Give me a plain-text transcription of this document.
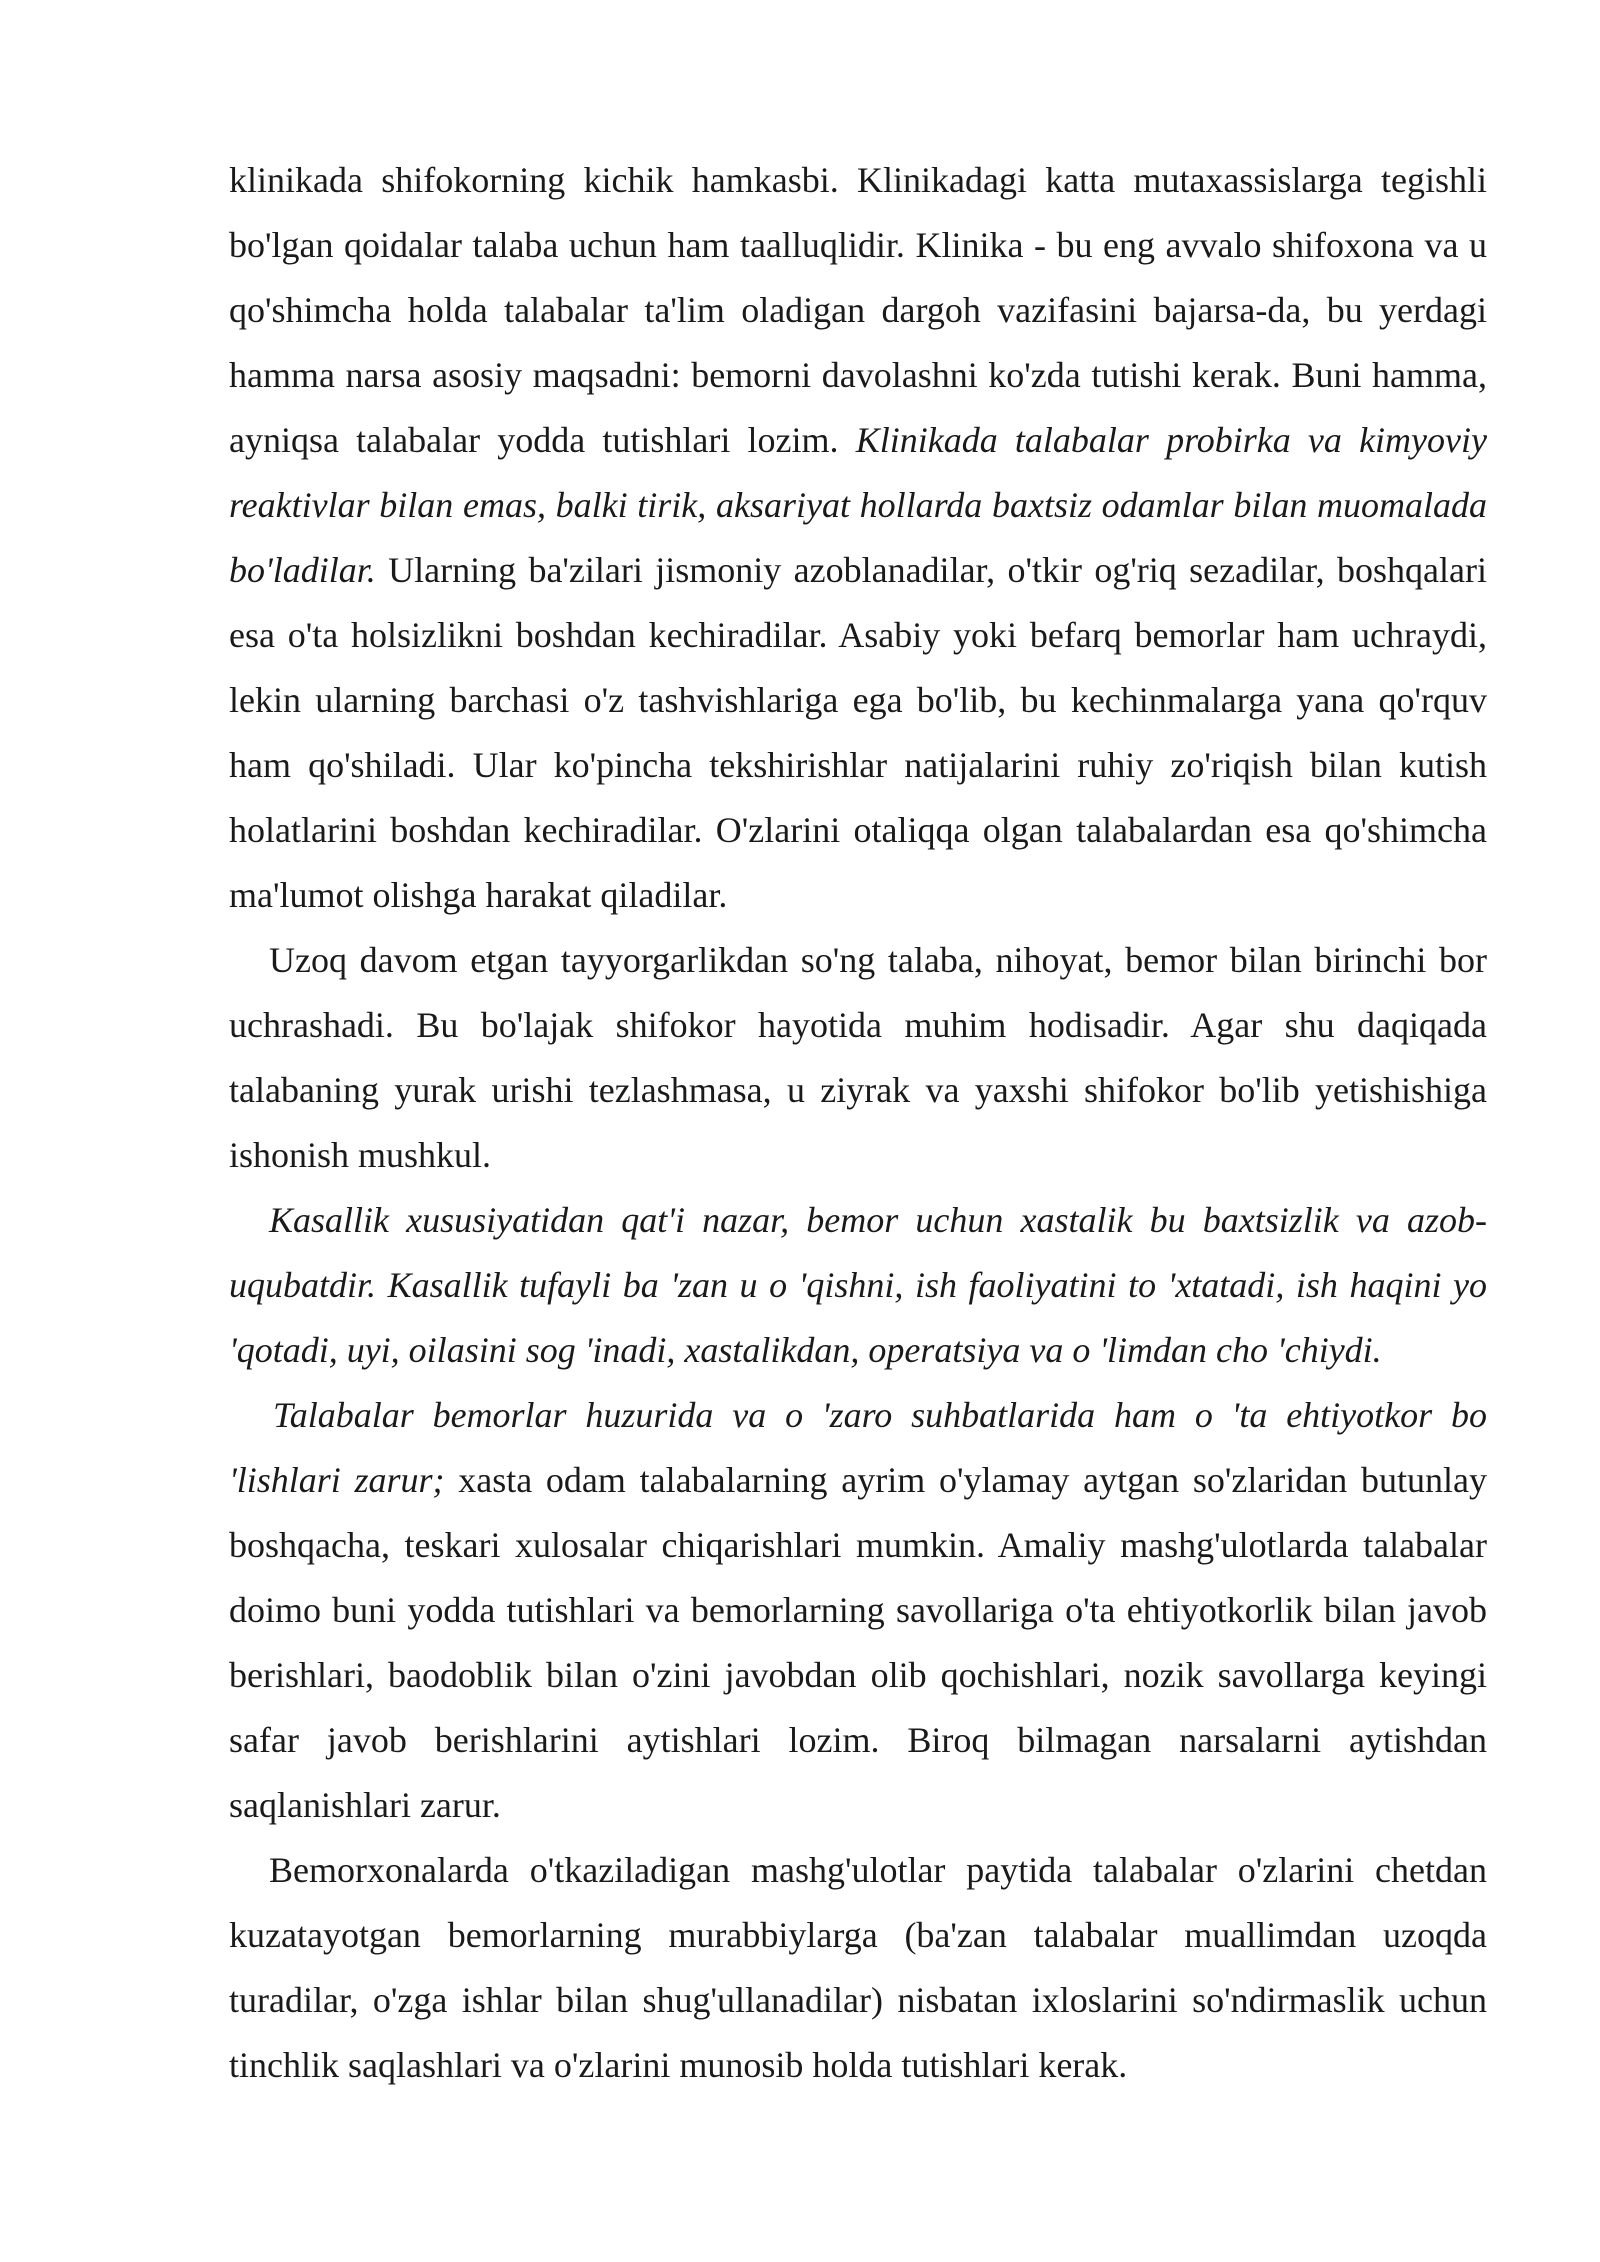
klinikada shifokorning kichik hamkasbi. Klinikadagi katta mutaxassislarga tegishli bo'lgan qoidalar talaba uchun ham taalluqlidir. Klinika - bu eng avvalo shifoxona va u qo'shimcha holda talabalar ta'lim oladigan dargoh vazifasini bajarsa-da, bu yerdagi hamma narsa asosiy maqsadni: bemorni davolashni ko'zda tutishi kerak. Buni hamma, ayniqsa talabalar yodda tutishlari lozim. Klinikada talabalar probirka va kimyoviy reaktivlar bilan emas, balki tirik, aksariyat hollarda baxtsiz odamlar bilan muomalada bo'ladilar. Ularning ba'zilari jismoniy azoblanadilar, o'tkir og'riq sezadilar, boshqalari esa o'ta holsizlikni boshdan kechiradilar. Asabiy yoki befarq bemorlar ham uchraydi, lekin ularning barchasi o'z tashvishlariga ega bo'lib, bu kechinmalarga yana qo'rquv ham qo'shiladi. Ular ko'pincha tekshirishlar natijalarini ruhiy zo'riqish bilan kutish holatlarini boshdan kechiradilar. O'zlarini otaliqqa olgan talabalardan esa qo'shimcha ma'lumot olishga harakat qiladilar.

Uzoq davom etgan tayyorgarlikdan so'ng talaba, nihoyat, bemor bilan birinchi bor uchrashadi. Bu bo'lajak shifokor hayotida muhim hodisadir. Agar shu daqiqada talabaning yurak urishi tezlashmasa, u ziyrak va yaxshi shifokor bo'lib yetishishiga ishonish mushkul.

Kasallik xususiyatidan qat'i nazar, bemor uchun xastalik bu baxtsizlik va azob-uqubatdir. Kasallik tufayli ba 'zan u o 'qishni, ish faoliyatini to 'xtatadi, ish haqini yo 'qotadi, uyi, oilasini sog 'inadi, xastalikdan, operatsiya va o 'limdan cho 'chiydi.

Talabalar bemorlar huzurida va o 'zaro suhbatlarida ham o 'ta ehtiyotkor bo 'lishlari zarur; xasta odam talabalarning ayrim o'ylamay aytgan so'zlaridan butunlay boshqacha, teskari xulosalar chiqarishlari mumkin. Amaliy mashg'ulotlarda talabalar doimo buni yodda tutishlari va bemorlarning savollariga o'ta ehtiyotkorlik bilan javob berishlari, baodoblik bilan o'zini javobdan olib qochishlari, nozik savollarga keyingi safar javob berishlarini aytishlari lozim. Biroq bilmagan narsalarni aytishdan saqlanishlari zarur.

Bemorxonalarda o'tkaziladigan mashg'ulotlar paytida talabalar o'zlarini chetdan kuzatayotgan bemorlarning murabbiylarga (ba'zan talabalar muallimdan uzoqda turadilar, o'zga ishlar bilan shug'ullanadilar) nisbatan ixloslarini so'ndirmaslik uchun tinchlik saqlashlari va o'zlarini munosib holda tutishlari kerak.
